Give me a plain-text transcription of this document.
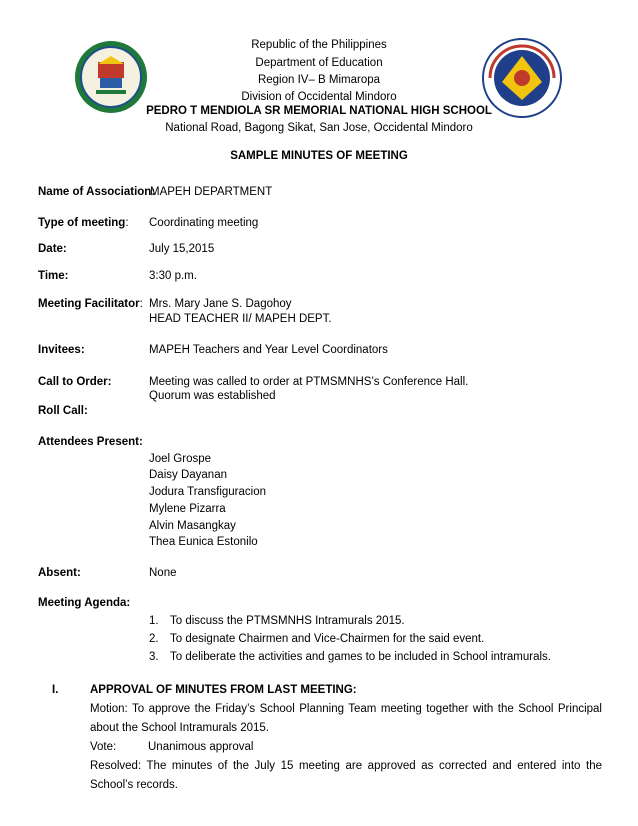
Republic of the Philippines
Department of Education
Region IV– B Mimaropa
Division of Occidental Mindoro
PEDRO T MENDIOLA SR MEMORIAL NATIONAL HIGH SCHOOL
National Road, Bagong Sikat, San Jose, Occidental Mindoro
SAMPLE MINUTES OF MEETING
Name of Association:
MAPEH DEPARTMENT
Type of meeting: Coordinating meeting
Date:	July 15,2015
Time:	3:30 p.m.
Meeting Facilitator: Mrs. Mary Jane S. Dagohoy
HEAD TEACHER II/ MAPEH DEPT.
Invitees:	MAPEH Teachers and Year Level Coordinators
Call to Order:	Meeting was called to order at PTMSMNHS’s Conference Hall.
Quorum was established
Roll Call:
Attendees Present:
Joel Grospe
Daisy Dayanan
Jodura Transfiguracion
Mylene Pizarra
Alvin Masangkay
Thea Eunica Estonilo
Absent:	None
Meeting Agenda:
1. To discuss the PTMSMNHS Intramurals 2015.
2. To designate Chairmen and Vice-Chairmen for the said event.
3. To deliberate the activities and games to be included in School intramurals.
I.	APPROVAL OF MINUTES FROM LAST MEETING:
Motion: To approve the Friday’s School Planning Team meeting together with the School Principal about the School Intramurals 2015.
Vote:	Unanimous approval
Resolved: The minutes of the July 15 meeting are approved as corrected and entered into the School’s records.
